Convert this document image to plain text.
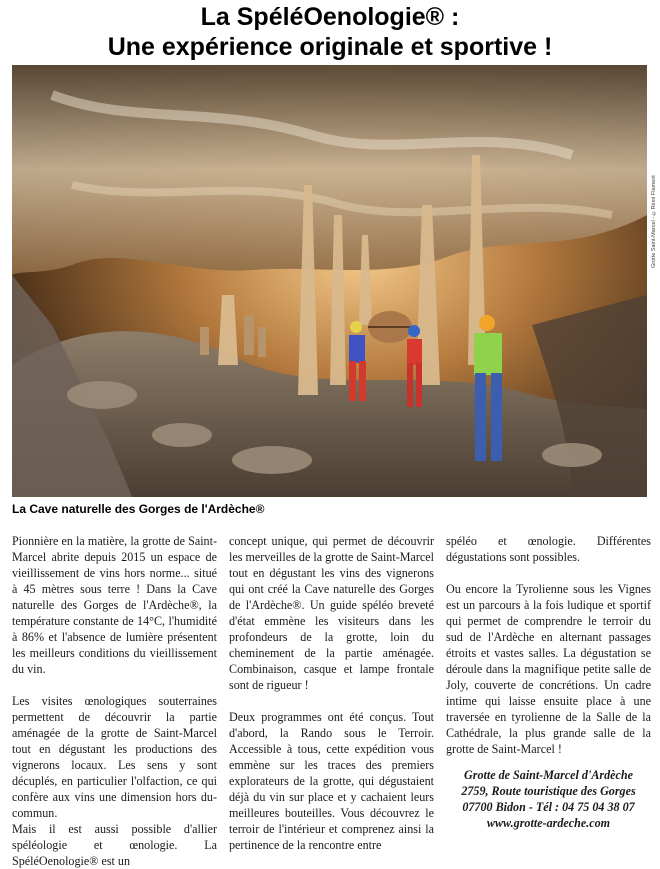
La SpéléOenologie® :
Une expérience originale et sportive !
Grotte Saint-Marcel - ©Rémi Flament
La Cave naturelle des Gorges de l'Ardèche®

Pionnière en la matière, la grotte de Saint-Marcel abrite depuis 2015 un espace de vieillissement de vins hors norme... situé à 45 mètres sous terre ! Dans la Cave naturelle des Gorges de l'Ardèche®, la température constante de 14°C, l'humidité à 86% et l'absence de lumière présentent les meilleurs conditions du vieillissement du vin.

Les visites œnologiques souterraines permettent de découvrir la partie aménagée de la grotte de Saint-Marcel tout en dégustant les productions des vignerons locaux. Les sens y sont décuplés, en particulier l'olfaction, ce qui confère aux vins une dimension hors du-commun.

Mais il est aussi possible d'allier spéléologie et œnologie. La SpéléOenologie® est un

concept unique, qui permet de découvrir les merveilles de la grotte de Saint-Marcel tout en dégustant les vins des vignerons qui ont créé la Cave naturelle des Gorges de l'Ardèche®. Un guide spéléo breveté d'état emmène les visiteurs dans les profondeurs de la grotte, loin du cheminement de la partie aménagée. Combinaison, casque et lampe frontale sont de rigueur !

Deux programmes ont été conçus. Tout d'abord, la Rando sous le Terroir. Accessible à tous, cette expédition vous emmène sur les traces des premiers explorateurs de la grotte, qui dégustaient déjà du vin sur place et y cachaient leurs meilleures bouteilles. Vous découvrez le terroir de l'intérieur et comprenez ainsi la pertinence de la rencontre entre

spéléo et œnologie. Différentes dégustations sont possibles.

Ou encore la Tyrolienne sous les Vignes est un parcours à la fois ludique et sportif qui permet de comprendre le terroir du sud de l'Ardèche en alternant passages étroits et vastes salles. La dégustation se déroule dans la magnifique petite salle de Joly, couverte de concrétions. Un cadre intime qui laisse ensuite place à une traversée en tyrolienne de la Salle de la Cathédrale, la plus grande salle de la grotte de Saint-Marcel !

Grotte de Saint-Marcel d'Ardèche
2759, Route touristique des Gorges
07700 Bidon - Tél : 04 75 04 38 07
www.grotte-ardeche.com
